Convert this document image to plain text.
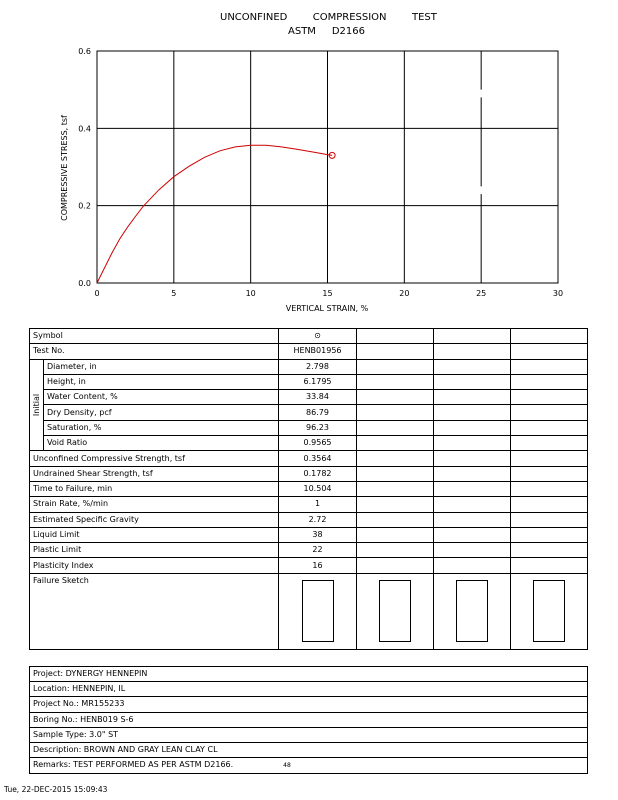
UNCONFINED        COMPRESSION        TEST
ASTM     D2166
0	5	10	15	20	25	30
0.0
0.2
0.4
0.6
VERTICAL STRAIN, %
COMPRESSIVE STRESS, tsf
Symbol		⊙			
Test No.		HENB01956			

Initial	Diameter, in	2.798			
	Height, in	6.1795			
	Water Content, %	33.84			
	Dry Density, pcf	86.79			
	Saturation, %	96.23			
	Void Ratio	0.9565			
Unconfined Compressive Strength, tsf		0.3564			
Undrained Shear Strength, tsf		0.1782			
Time to Failure, min		10.504			
Strain Rate, %/min		1			
Estimated Specific Gravity		2.72			
Liquid Limit		38			
Plastic Limit		22			
Plasticity Index		16			
Failure Sketch		

Project: DYNERGY HENNEPIN
Location: HENNEPIN, IL
Project No.: MR155233
Boring No.: HENB019 S-6
Sample Type: 3.0" ST
Description: BROWN AND GRAY LEAN CLAY CL
Remarks: TEST PERFORMED AS PER ASTM D2166.	48
Tue, 22-DEC-2015 15:09:43
